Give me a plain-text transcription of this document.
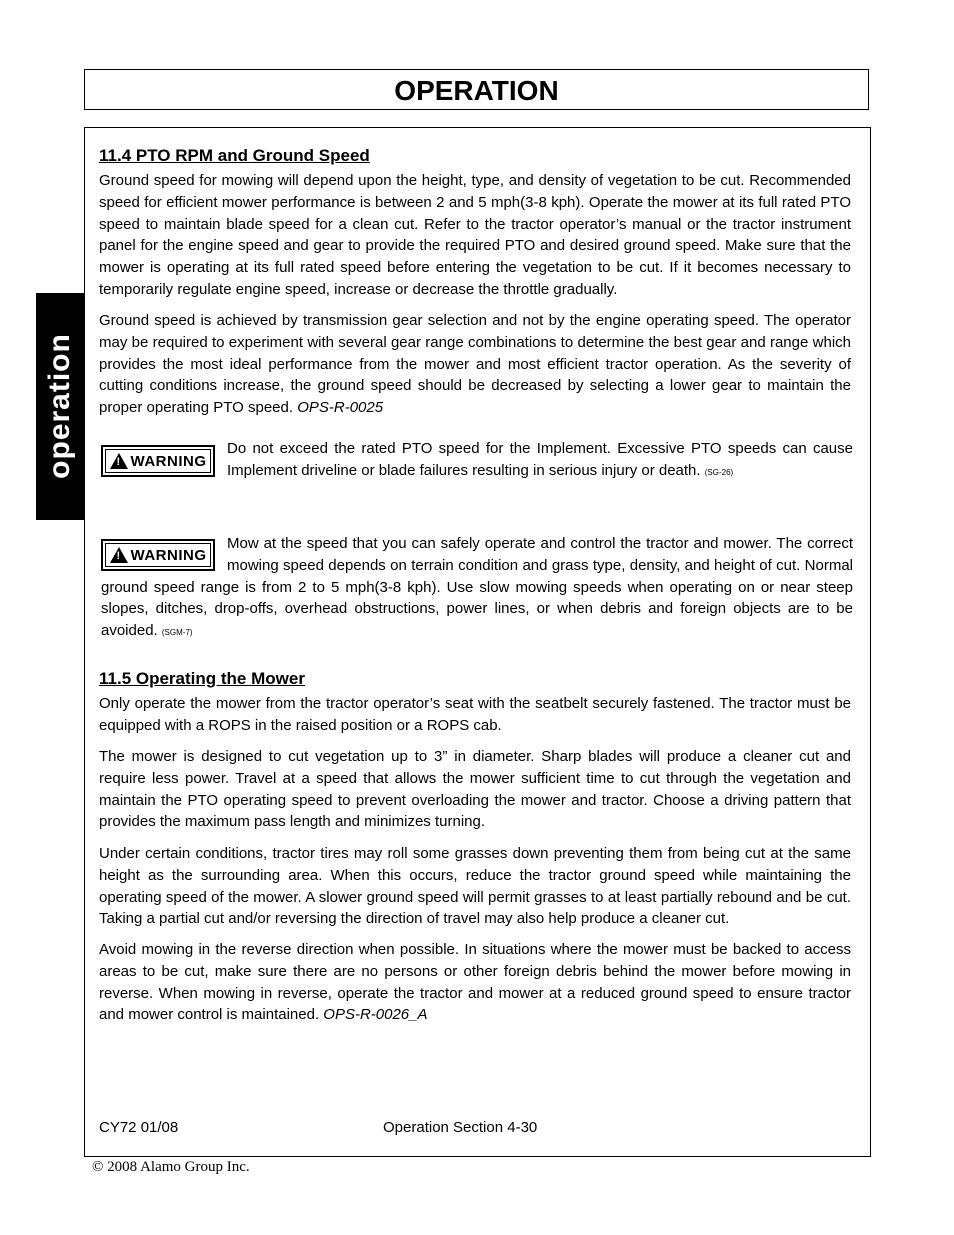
OPERATION
operation
11.4 PTO RPM and Ground Speed
Ground speed for mowing will depend upon the height, type, and density of vegetation to be cut. Recommended speed for efficient mower performance is between 2 and 5 mph(3-8 kph). Operate the mower at its full rated PTO speed to maintain blade speed for a clean cut. Refer to the tractor operator’s manual or the tractor instrument panel for the engine speed and gear to provide the required PTO and desired ground speed. Make sure that the mower is operating at its full rated speed before entering the vegetation to be cut. If it becomes necessary to temporarily regulate engine speed, increase or decrease the throttle gradually.
Ground speed is achieved by transmission gear selection and not by the engine operating speed. The operator may be required to experiment with several gear range combinations to determine the best gear and range which provides the most ideal performance from the mower and most efficient tractor operation. As the severity of cutting conditions increase, the ground speed should be decreased by selecting a lower gear to maintain the proper operating PTO speed. OPS-R-0025
!
WARNING
Do not exceed the rated PTO speed for the Implement. Excessive PTO speeds can cause Implement driveline or blade failures resulting in serious injury or death. (SG-26)
!
WARNING
Mow at the speed that you can safely operate and control the tractor and mower. The correct mowing speed depends on terrain condition and grass type, density, and height of cut. Normal ground speed range is from 2 to 5 mph(3-8 kph). Use slow mowing speeds when operating on or near steep slopes, ditches, drop-offs, overhead obstructions, power lines, or when debris and foreign objects are to be avoided. (SGM-7)
11.5 Operating the Mower
Only operate the mower from the tractor operator’s seat with the seatbelt securely fastened. The tractor must be equipped with a ROPS in the raised position or a ROPS cab.
The mower is designed to cut vegetation up to 3” in diameter. Sharp blades will produce a cleaner cut and require less power. Travel at a speed that allows the mower sufficient time to cut through the vegetation and maintain the PTO operating speed to prevent overloading the mower and tractor. Choose a driving pattern that provides the maximum pass length and minimizes turning.
Under certain conditions, tractor tires may roll some grasses down preventing them from being cut at the same height as the surrounding area. When this occurs, reduce the tractor ground speed while maintaining the operating speed of the mower. A slower ground speed will permit grasses to at least partially rebound and be cut. Taking a partial cut and/or reversing the direction of travel may also help produce a cleaner cut.
Avoid mowing in the reverse direction when possible. In situations where the mower must be backed to access areas to be cut, make sure there are no persons or other foreign debris behind the mower before mowing in reverse. When mowing in reverse, operate the tractor and mower at a reduced ground speed to ensure tractor and mower control is maintained. OPS-R-0026_A
CY72 01/08	Operation Section 4-30
© 2008 Alamo Group Inc.
